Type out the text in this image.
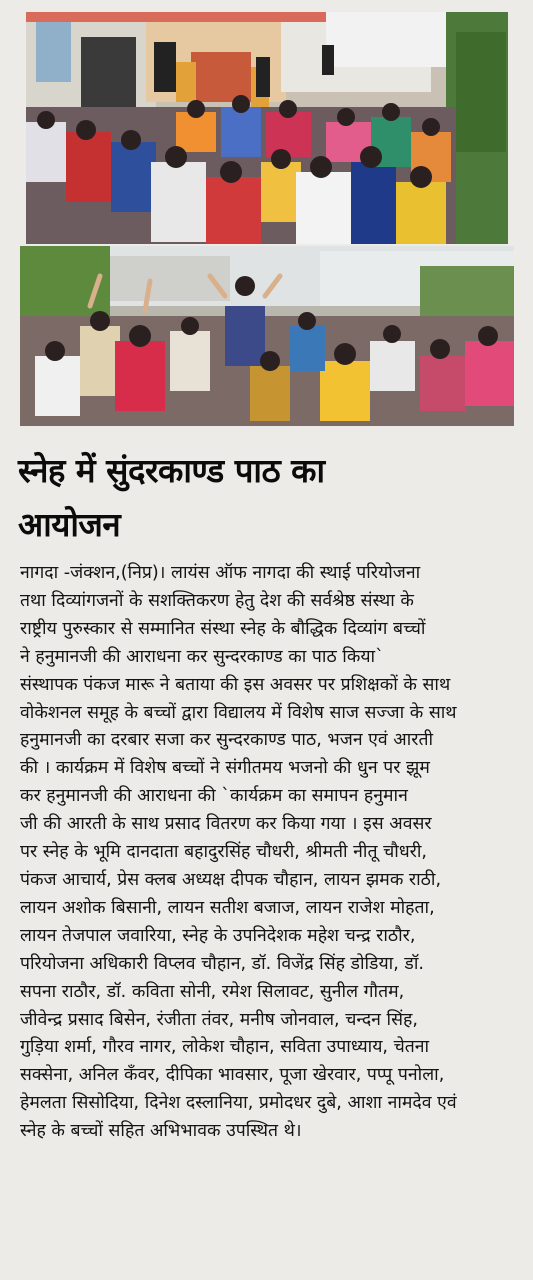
स्नेह में सुंदरकाण्ड पाठ का
आयोजन
नागदा -जंक्शन,(निप्र)। लायंस ऑफ नागदा की स्थाई परियोजना
तथा दिव्यांगजनों के सशक्तिकरण हेतु देश की सर्वश्रेष्ठ संस्था के
राष्ट्रीय पुरुस्कार से सम्मानित संस्था स्नेह के बौद्धिक दिव्यांग बच्चों
ने हनुमानजी की आराधना कर सुन्दरकाण्ड का पाठ किया`
संस्थापक पंकज मारू ने बताया की इस अवसर पर प्रशिक्षकों के साथ
वोकेशनल समूह के बच्चों द्वारा विद्यालय में विशेष साज सज्जा के साथ
हनुमानजी का दरबार सजा कर सुन्दरकाण्ड पाठ, भजन एवं आरती
की । कार्यक्रम में विशेष बच्चों ने संगीतमय भजनो की धुन पर झूम
कर हनुमानजी की आराधना की `कार्यक्रम का समापन हनुमान
जी की आरती के साथ प्रसाद वितरण कर किया गया । इस अवसर
पर स्नेह के भूमि दानदाता बहादुरसिंह चौधरी, श्रीमती नीतू चौधरी,
पंकज आचार्य, प्रेस क्लब अध्यक्ष दीपक चौहान, लायन झमक राठी,
लायन अशोक बिसानी, लायन सतीश बजाज, लायन राजेश मोहता,
लायन तेजपाल जवारिया, स्नेह के उपनिदेशक महेश चन्द्र राठौर,
परियोजना अधिकारी विप्लव चौहान, डॉ. विजेंद्र सिंह डोडिया, डॉ.
सपना राठौर, डॉ. कविता सोनी, रमेश सिलावट, सुनील गौतम,
जीवेन्द्र प्रसाद बिसेन, रंजीता तंवर, मनीष जोनवाल, चन्दन सिंह,
गुड़िया शर्मा, गौरव नागर, लोकेश चौहान, सविता उपाध्याय, चेतना
सक्सेना, अनिल कँवर, दीपिका भावसार, पूजा खेरवार, पप्पू पनोला,
हेमलता सिसोदिया, दिनेश दस्लानिया, प्रमोदधर दुबे, आशा नामदेव एवं
स्नेह के बच्चों सहित अभिभावक उपस्थित थे।
